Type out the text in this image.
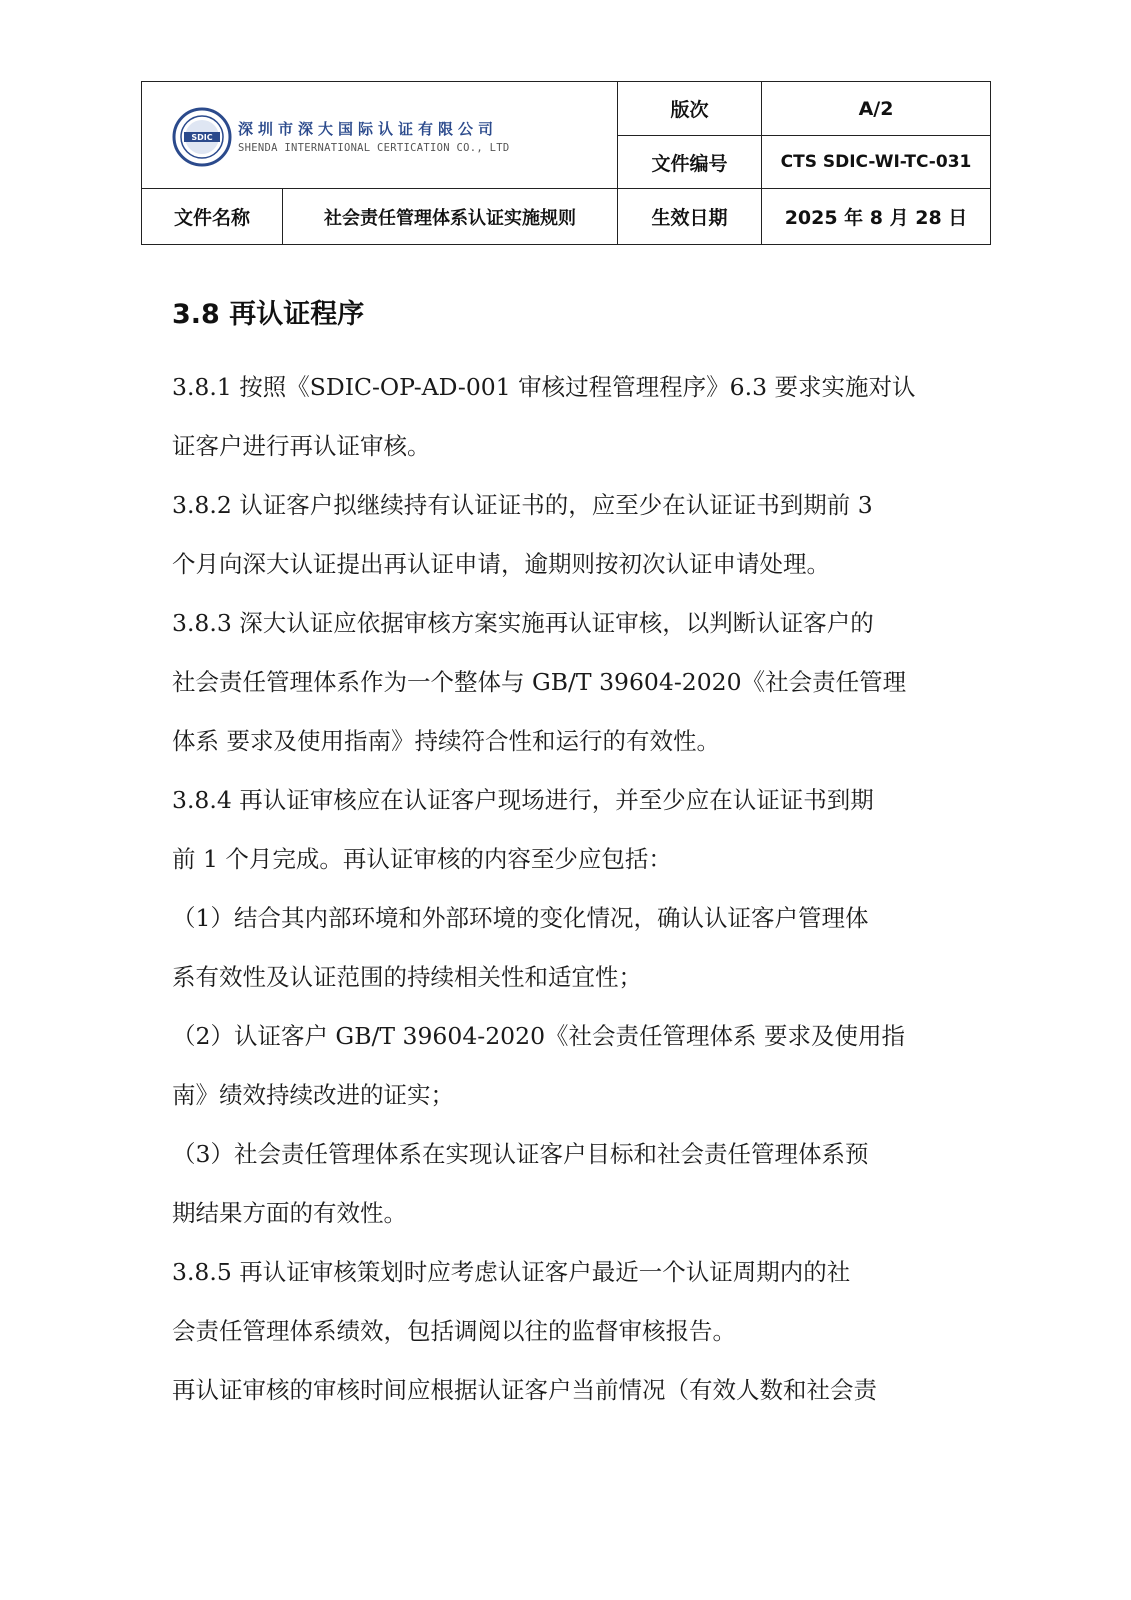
SDIC 深圳市深大国际认证有限公司
SHENDA INTERNATIONAL CERTICATION CO., LTD
版次	A/2
文件编号	CTS SDIC-WI-TC-031
文件名称	社会责任管理体系认证实施规则	生效日期	2025 年 8 月 28 日
3.8 再认证程序
3.8.1 按照《SDIC-OP-AD-001 审核过程管理程序》6.3 要求实施对认
证客户进行再认证审核。
3.8.2 认证客户拟继续持有认证证书的，应至少在认证证书到期前 3
个月向深大认证提出再认证申请，逾期则按初次认证申请处理。
3.8.3 深大认证应依据审核方案实施再认证审核，以判断认证客户的
社会责任管理体系作为一个整体与 GB/T 39604-2020《社会责任管理
体系 要求及使用指南》持续符合性和运行的有效性。
3.8.4 再认证审核应在认证客户现场进行，并至少应在认证证书到期
前 1 个月完成。再认证审核的内容至少应包括：
（1）结合其内部环境和外部环境的变化情况，确认认证客户管理体
系有效性及认证范围的持续相关性和适宜性；
（2）认证客户 GB/T 39604-2020《社会责任管理体系 要求及使用指
南》绩效持续改进的证实；
（3）社会责任管理体系在实现认证客户目标和社会责任管理体系预
期结果方面的有效性。
3.8.5 再认证审核策划时应考虑认证客户最近一个认证周期内的社
会责任管理体系绩效，包括调阅以往的监督审核报告。
再认证审核的审核时间应根据认证客户当前情况（有效人数和社会责
